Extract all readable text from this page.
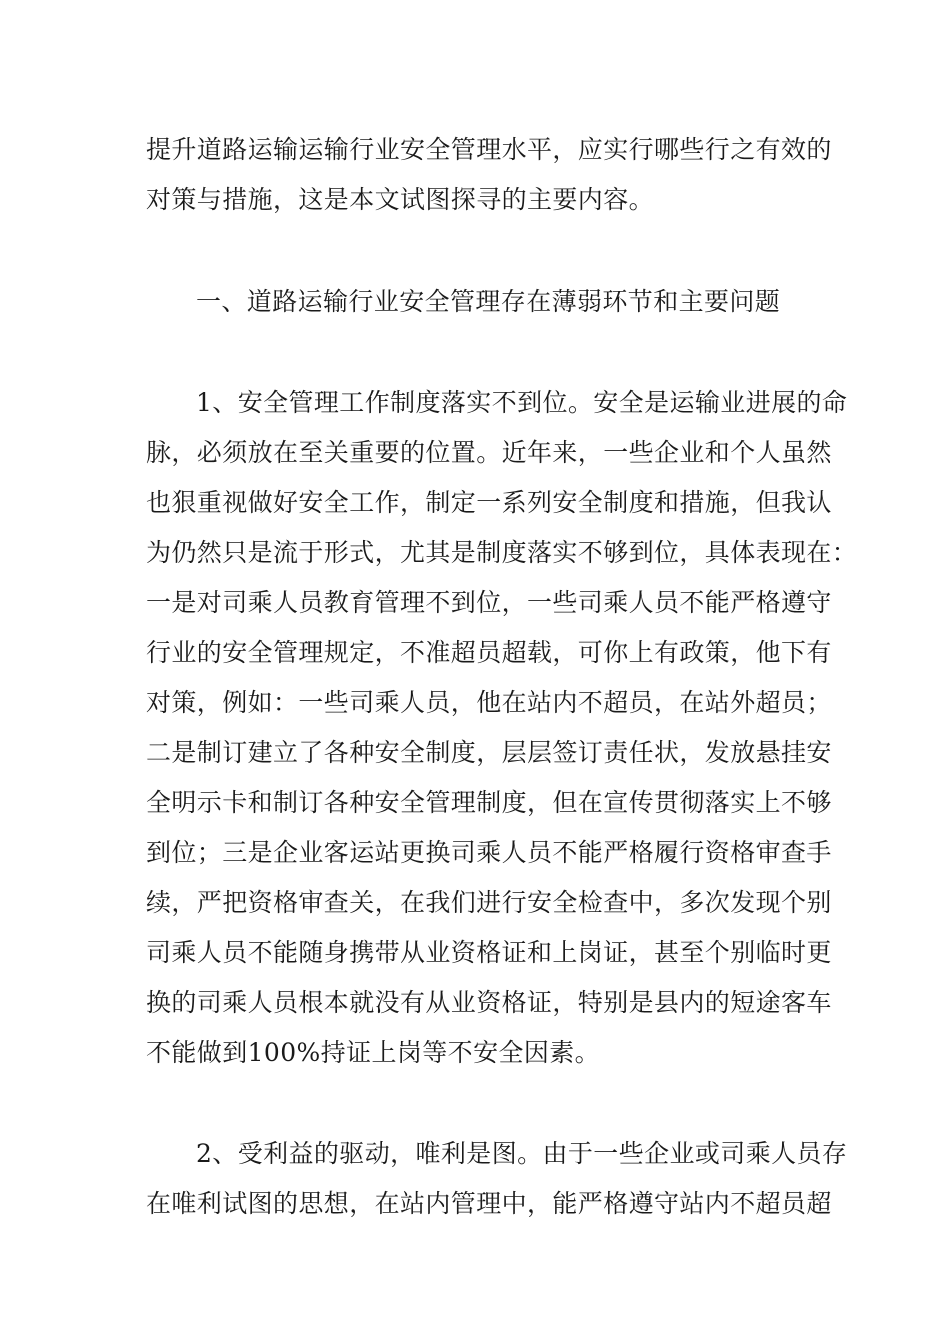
提升道路运输运输行业安全管理水平，应实行哪些行之有效的
对策与措施，这是本文试图探寻的主要内容。
一、道路运输行业安全管理存在薄弱环节和主要问题
1、安全管理工作制度落实不到位。安全是运输业进展的命
脉，必须放在至关重要的位置。近年来，一些企业和个人虽然
也狠重视做好安全工作，制定一系列安全制度和措施，但我认
为仍然只是流于形式，尤其是制度落实不够到位，具体表现在：
一是对司乘人员教育管理不到位，一些司乘人员不能严格遵守
行业的安全管理规定，不准超员超载，可你上有政策，他下有
对策，例如：一些司乘人员，他在站内不超员，在站外超员；
二是制订建立了各种安全制度，层层签订责任状，发放悬挂安
全明示卡和制订各种安全管理制度，但在宣传贯彻落实上不够
到位；三是企业客运站更换司乘人员不能严格履行资格审查手
续，严把资格审查关，在我们进行安全检查中，多次发现个别
司乘人员不能随身携带从业资格证和上岗证，甚至个别临时更
换的司乘人员根本就没有从业资格证，特别是县内的短途客车
不能做到100%持证上岗等不安全因素。
2、受利益的驱动，唯利是图。由于一些企业或司乘人员存
在唯利试图的思想，在站内管理中，能严格遵守站内不超员超
